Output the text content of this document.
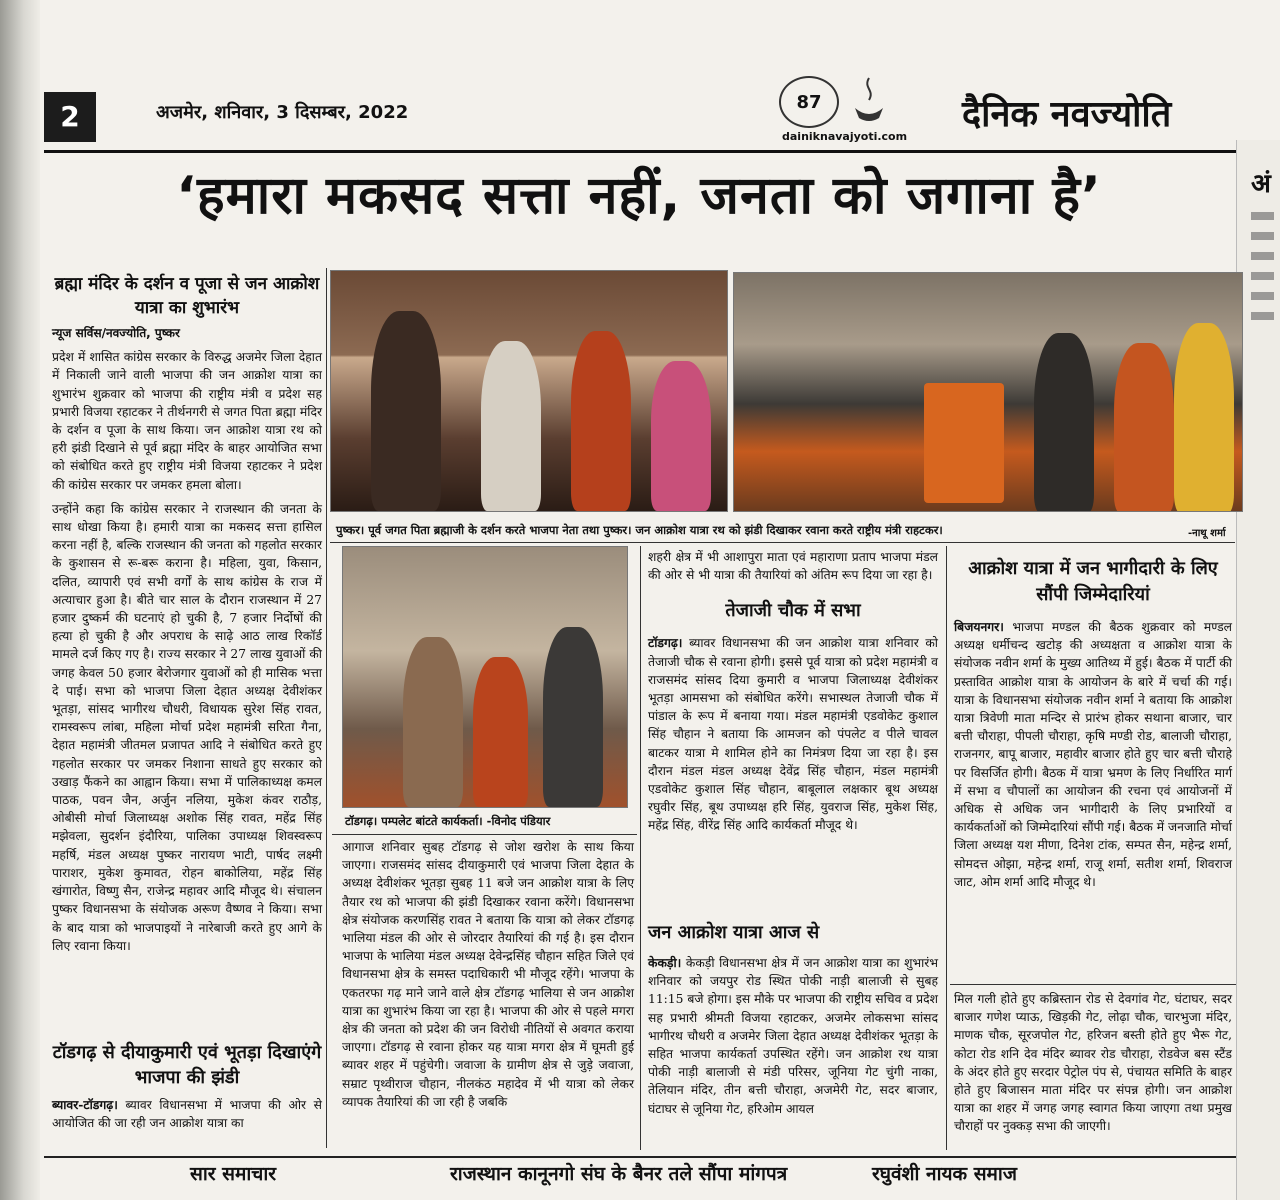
2	अजमेर, शनिवार, 3 दिसम्बर, 2022	87
dainiknavajyoti.com
दैनिक नवज्योति
‘हमारा मकसद सत्ता नहीं, जनता को जगाना है’	अं
ब्रह्मा मंदिर के दर्शन व पूजा से जन आक्रोश यात्रा का शुभारंभ
न्यूज सर्विस/नवज्योति, पुष्कर

प्रदेश में शासित कांग्रेस सरकार के विरुद्ध अजमेर जिला देहात में निकाली जाने वाली भाजपा की जन आक्रोश यात्रा का शुभारंभ शुक्रवार को भाजपा की राष्ट्रीय मंत्री व प्रदेश सह प्रभारी विजया रहाटकर ने तीर्थनगरी से जगत पिता ब्रह्मा मंदिर के दर्शन व पूजा के साथ किया। जन आक्रोश यात्रा रथ को हरी झंडी दिखाने से पूर्व ब्रह्मा मंदिर के बाहर आयोजित सभा को संबोधित करते हुए राष्ट्रीय मंत्री विजया रहाटकर ने प्रदेश की कांग्रेस सरकार पर जमकर हमला बोला।

उन्होंने कहा कि कांग्रेस सरकार ने राजस्थान की जनता के साथ धोखा किया है। हमारी यात्रा का मकसद सत्ता हासिल करना नहीं है, बल्कि राजस्थान की जनता को गहलोत सरकार के कुशासन से रू-बरू कराना है। महिला, युवा, किसान, दलित, व्यापारी एवं सभी वर्गों के साथ कांग्रेस के राज में अत्याचार हुआ है। बीते चार साल के दौरान राजस्थान में 27 हजार दुष्कर्म की घटनाएं हो चुकी है, 7 हजार निर्दोषों की हत्या हो चुकी है और अपराध के साढ़े आठ लाख रिकॉर्ड मामले दर्ज किए गए है। राज्य सरकार ने 27 लाख युवाओं की जगह केवल 50 हजार बेरोजगार युवाओं को ही मासिक भत्ता दे पाई। सभा को भाजपा जिला देहात अध्यक्ष देवीशंकर भूतड़ा, सांसद भागीरथ चौधरी, विधायक सुरेश सिंह रावत, रामस्वरूप लांबा, महिला मोर्चा प्रदेश महामंत्री सरिता गैना, देहात महामंत्री जीतमल प्रजापत आदि ने संबोधित करते हुए गहलोत सरकार पर जमकर निशाना साधते हुए सरकार को उखाड़ फैंकने का आह्वान किया। सभा में पालिकाध्यक्ष कमल पाठक, पवन जैन, अर्जुन नलिया, मुकेश कंवर राठौड़, ओबीसी मोर्चा जिलाध्यक्ष अशोक सिंह रावत, महेंद्र सिंह मझेवला, सुदर्शन इंदौरिया, पालिका उपाध्यक्ष शिवस्वरूप महर्षि, मंडल अध्यक्ष पुष्कर नारायण भाटी, पार्षद लक्ष्मी पाराशर, मुकेश कुमावत, रोहन बाकोलिया, महेंद्र सिंह खंगारोत, विष्णु सैन, राजेन्द्र महावर आदि मौजूद थे। संचालन पुष्कर विधानसभा के संयोजक अरूण वैष्णव ने किया। सभा के बाद यात्रा को भाजपाइयों ने नारेबाजी करते हुए आगे के लिए रवाना किया।

टॉडगढ़ से दीयाकुमारी एवं भूतड़ा दिखाएंगे भाजपा की झंडी

ब्यावर-टॉडगढ़। ब्यावर विधानसभा में भाजपा की ओर से आयोजित की जा रही जन आक्रोश यात्रा का

पुष्कर। पूर्व जगत पिता ब्रह्माजी के दर्शन करते भाजपा नेता तथा पुष्कर। जन आक्रोश यात्रा रथ को झंडी दिखाकर रवाना करते राष्ट्रीय मंत्री राहटकर।	-नाथू शर्मा
टॉडगढ़। पम्पलेट बांटते कार्यकर्ता। -विनोद पंडियार
आगाज शनिवार सुबह टॉडगढ़ से जोश खरोश के साथ किया जाएगा। राजसमंद सांसद दीयाकुमारी एवं भाजपा जिला देहात के अध्यक्ष देवीशंकर भूतड़ा सुबह 11 बजे जन आक्रोश यात्रा के लिए तैयार रथ को भाजपा की झंडी दिखाकर रवाना करेंगे। विधानसभा क्षेत्र संयोजक करणसिंह रावत ने बताया कि यात्रा को लेकर टॉडगढ़ भालिया मंडल की ओर से जोरदार तैयारियां की गई है। इस दौरान भाजपा के भालिया मंडल अध्यक्ष देवेन्द्रसिंह चौहान सहित जिले एवं विधानसभा क्षेत्र के समस्त पदाधिकारी भी मौजूद रहेंगे। भाजपा के एकतरफा गढ़ माने जाने वाले क्षेत्र टॉडगढ़ भालिया से जन आक्रोश यात्रा का शुभारंभ किया जा रहा है। भाजपा की ओर से पहले मगरा क्षेत्र की जनता को प्रदेश की जन विरोधी नीतियों से अवगत कराया जाएगा। टॉडगढ़ से रवाना होकर यह यात्रा मगरा क्षेत्र में घूमती हुई ब्यावर शहर में पहुंचेगी। जवाजा के ग्रामीण क्षेत्र से जुड़े जवाजा, सम्राट पृथ्वीराज चौहान, नीलकंठ महादेव में भी यात्रा को लेकर व्यापक तैयारियां की जा रही है जबकि

शहरी क्षेत्र में भी आशापुरा माता एवं महाराणा प्रताप भाजपा मंडल की ओर से भी यात्रा की तैयारियां को अंतिम रूप दिया जा रहा है।

तेजाजी चौक में सभा

टॉडगढ़। ब्यावर विधानसभा की जन आक्रोश यात्रा शनिवार को तेजाजी चौक से रवाना होगी। इससे पूर्व यात्रा को प्रदेश महामंत्री व राजसमंद सांसद दिया कुमारी व भाजपा जिलाध्यक्ष देवीशंकर भूतड़ा आमसभा को संबोधित करेंगे। सभास्थल तेजाजी चौक में पांडाल के रूप में बनाया गया। मंडल महामंत्री एडवोकेट कुशाल सिंह चौहान ने बताया कि आमजन को पंपलेट व पीले चावल बाटकर यात्रा मे शामिल होने का निमंत्रण दिया जा रहा है। इस दौरान मंडल मंडल अध्यक्ष देवेंद्र सिंह चौहान, मंडल महामंत्री एडवोकेट कुशाल सिंह चौहान, बाबूलाल लक्षकार बूथ अध्यक्ष रघुवीर सिंह, बूथ उपाध्यक्ष हरि सिंह, युवराज सिंह, मुकेश सिंह, महेंद्र सिंह, वीरेंद्र सिंह आदि कार्यकर्ता मौजूद थे।

जन आक्रोश यात्रा आज से

केकड़ी। केकड़ी विधानसभा क्षेत्र में जन आक्रोश यात्रा का शुभारंभ शनिवार को जयपुर रोड स्थित पोकी नाड़ी बालाजी से सुबह 11:15 बजे होगा। इस मौके पर भाजपा की राष्ट्रीय सचिव व प्रदेश सह प्रभारी श्रीमती विजया रहाटकर, अजमेर लोकसभा सांसद भागीरथ चौधरी व अजमेर जिला देहात अध्यक्ष देवीशंकर भूतड़ा के सहित भाजपा कार्यकर्ता उपस्थित रहेंगे। जन आक्रोश रथ यात्रा पोकी नाड़ी बालाजी से मंडी परिसर, जूनिया गेट चुंगी नाका, तेलियान मंदिर, तीन बत्ती चौराहा, अजमेरी गेट, सदर बाजार, घंटाघर से जूनिया गेट, हरिओम आयल

आक्रोश यात्रा में जन भागीदारी के लिए सौंपी जिम्मेदारियां

बिजयनगर। भाजपा मण्डल की बैठक शुक्रवार को मण्डल अध्यक्ष धर्मीचन्द खटोड़ की अध्यक्षता व आक्रोश यात्रा के संयोजक नवीन शर्मा के मुख्य आतिथ्य में हुई। बैठक में पार्टी की प्रस्तावित आक्रोश यात्रा के आयोजन के बारे में चर्चा की गई। यात्रा के विधानसभा संयोजक नवीन शर्मा ने बताया कि आक्रोश यात्रा त्रिवेणी माता मन्दिर से प्रारंभ होकर सथाना बाजार, चार बत्ती चौराहा, पीपली चौराहा, कृषि मण्डी रोड, बालाजी चौराहा, राजनगर, बापू बाजार, महावीर बाजार होते हुए चार बत्ती चौराहे पर विसर्जित होगी। बैठक में यात्रा भ्रमण के लिए निर्धारित मार्ग में सभा व चौपालों का आयोजन की रचना एवं आयोजनों में अधिक से अधिक जन भागीदारी के लिए प्रभारियों व कार्यकर्ताओं को जिम्मेदारियां सौंपी गई। बैठक में जनजाति मोर्चा जिला अध्यक्ष यश मीणा, दिनेश टांक, सम्पत सैन, महेन्द्र शर्मा, सोमदत्त ओझा, महेन्द्र शर्मा, राजू शर्मा, सतीश शर्मा, शिवराज जाट, ओम शर्मा आदि मौजूद थे।

मिल गली होते हुए कब्रिस्तान रोड से देवगांव गेट, घंटाघर, सदर बाजार गणेश प्याऊ, खिड़की गेट, लोढ़ा चौक, चारभुजा मंदिर, माणक चौक, सूरजपोल गेट, हरिजन बस्ती होते हुए भैरू गेट, कोटा रोड शनि देव मंदिर ब्यावर रोड चौराहा, रोडवेज बस स्टैंड के अंदर होते हुए सरदार पेट्रोल पंप से, पंचायत समिति के बाहर होते हुए बिजासन माता मंदिर पर संपन्न होगी। जन आक्रोश यात्रा का शहर में जगह जगह स्वागत किया जाएगा तथा प्रमुख चौराहों पर नुक्कड़ सभा की जाएगी।
सार समाचार	राजस्थान कानूनगो संघ के बैनर तले सौंपा मांगपत्र	रघुवंशी नायक समाज
